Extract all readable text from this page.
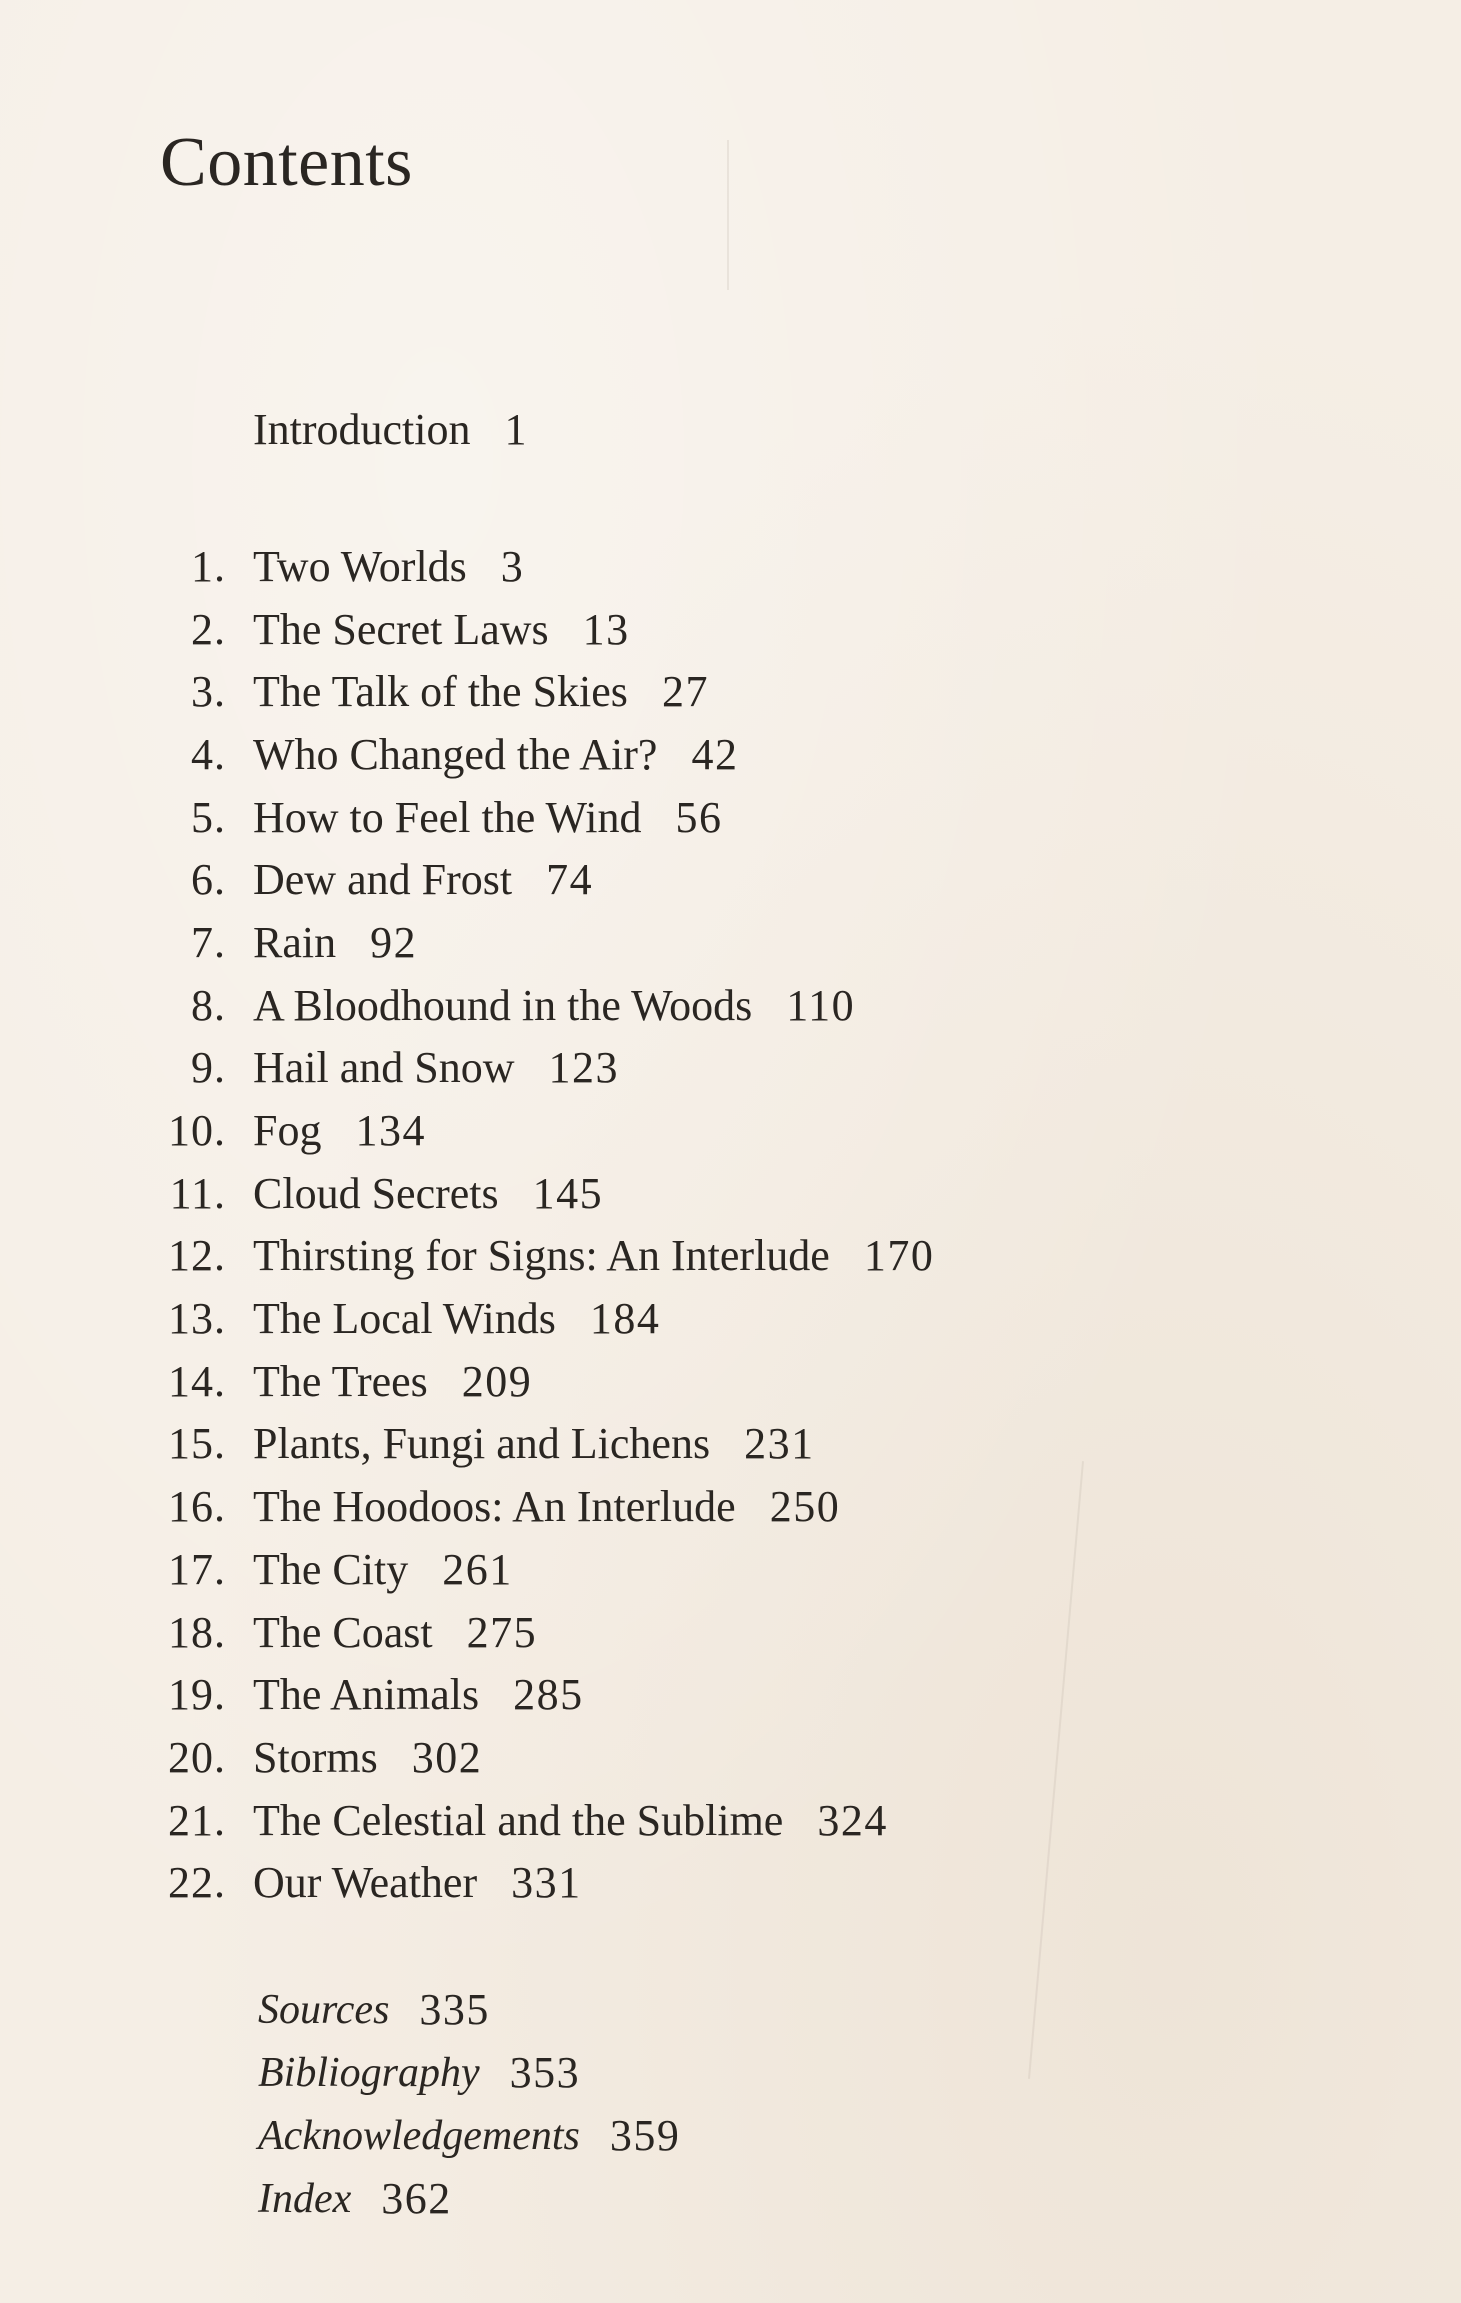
Contents
Introduction 1
1. Two Worlds 3
2. The Secret Laws 13
3. The Talk of the Skies 27
4. Who Changed the Air? 42
5. How to Feel the Wind 56
6. Dew and Frost 74
7. Rain 92
8. A Bloodhound in the Woods 110
9. Hail and Snow 123
10. Fog 134
11. Cloud Secrets 145
12. Thirsting for Signs: An Interlude 170
13. The Local Winds 184
14. The Trees 209
15. Plants, Fungi and Lichens 231
16. The Hoodoos: An Interlude 250
17. The City 261
18. The Coast 275
19. The Animals 285
20. Storms 302
21. The Celestial and the Sublime 324
22. Our Weather 331
Sources 335
Bibliography 353
Acknowledgements 359
Index 362
